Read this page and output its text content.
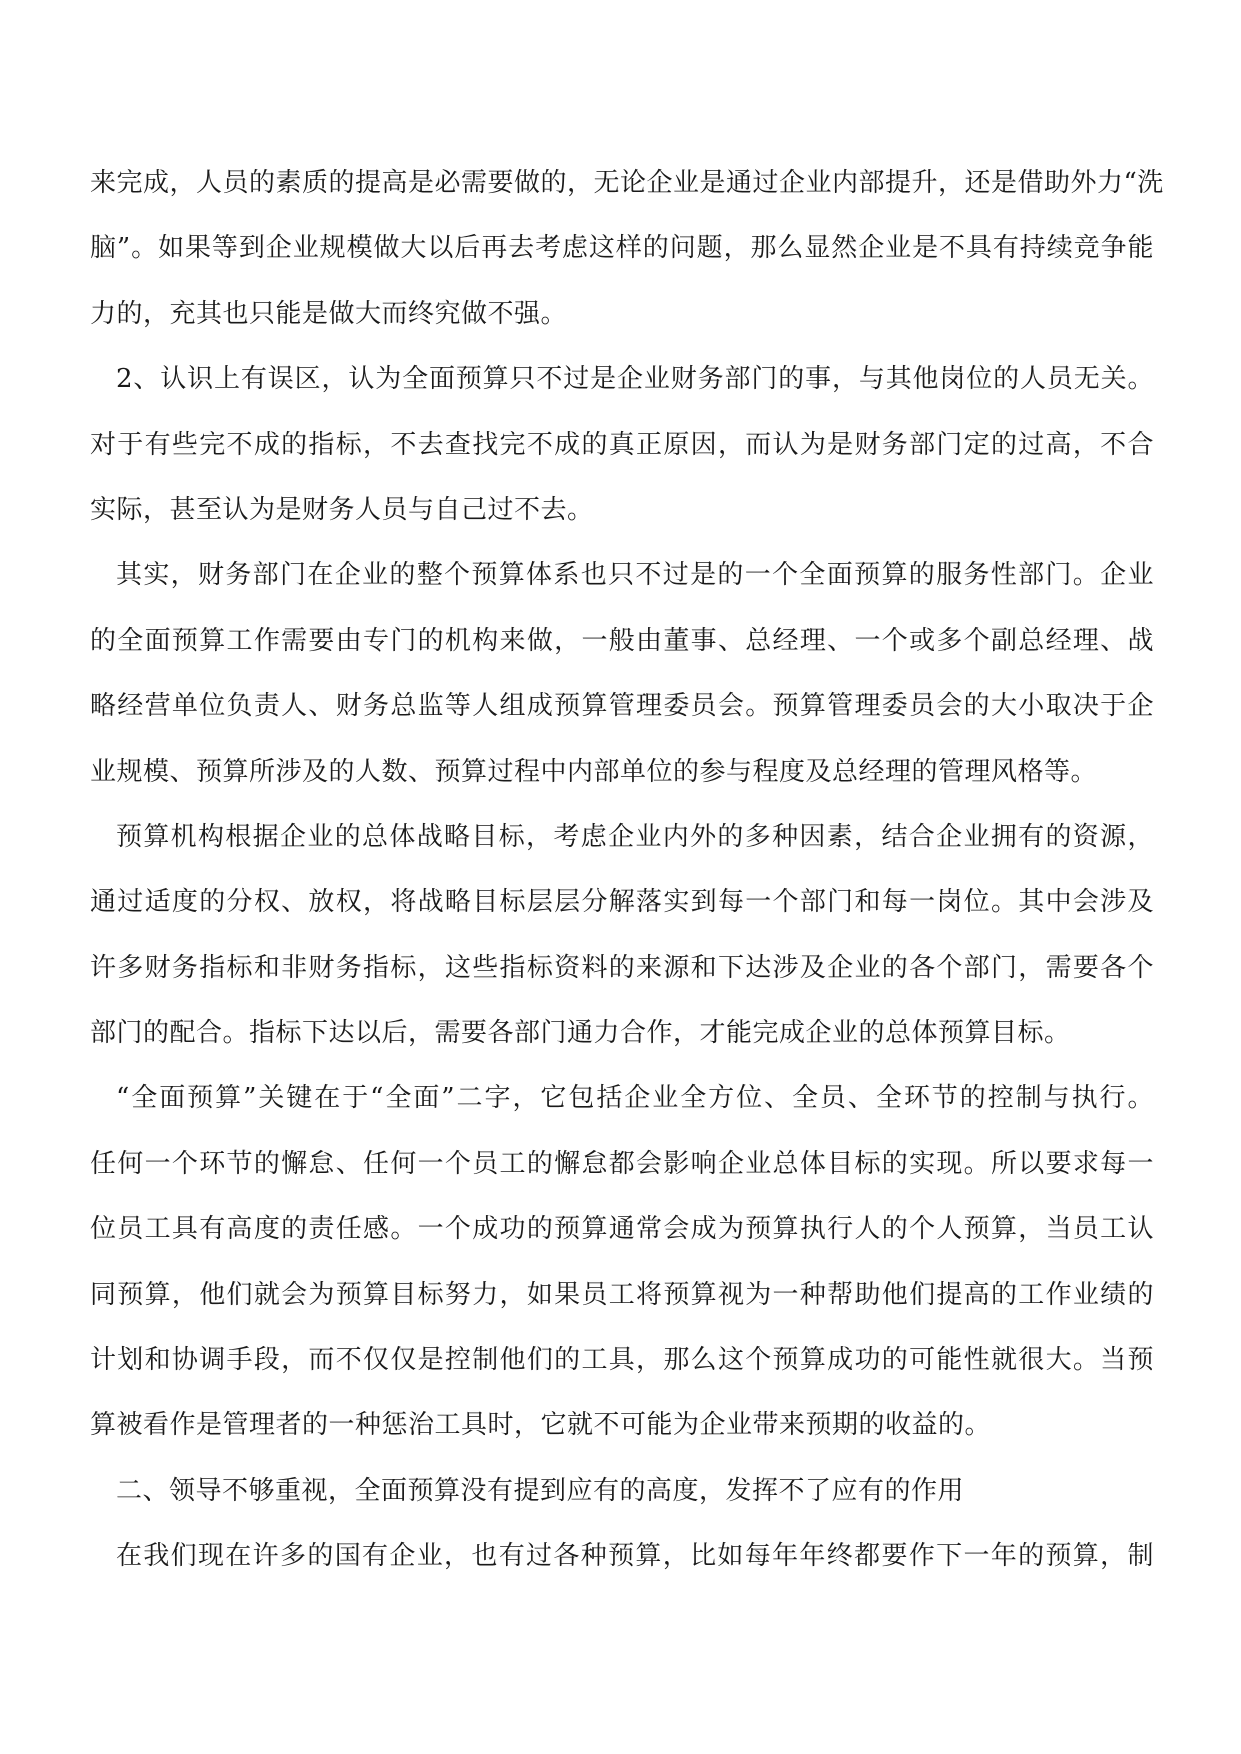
来完成，人员的素质的提高是必需要做的，无论企业是通过企业内部提升，还是借助外力“洗
脑”。如果等到企业规模做大以后再去考虑这样的问题，那么显然企业是不具有持续竞争能
力的，充其也只能是做大而终究做不强。
2、认识上有误区，认为全面预算只不过是企业财务部门的事，与其他岗位的人员无关。
对于有些完不成的指标，不去查找完不成的真正原因，而认为是财务部门定的过高，不合
实际，甚至认为是财务人员与自己过不去。
其实，财务部门在企业的整个预算体系也只不过是的一个全面预算的服务性部门。企业
的全面预算工作需要由专门的机构来做，一般由董事、总经理、一个或多个副总经理、战
略经营单位负责人、财务总监等人组成预算管理委员会。预算管理委员会的大小取决于企
业规模、预算所涉及的人数、预算过程中内部单位的参与程度及总经理的管理风格等。
预算机构根据企业的总体战略目标，考虑企业内外的多种因素，结合企业拥有的资源，
通过适度的分权、放权，将战略目标层层分解落实到每一个部门和每一岗位。其中会涉及
许多财务指标和非财务指标，这些指标资料的来源和下达涉及企业的各个部门，需要各个
部门的配合。指标下达以后，需要各部门通力合作，才能完成企业的总体预算目标。
“全面预算”关键在于“全面”二字，它包括企业全方位、全员、全环节的控制与执行。
任何一个环节的懈怠、任何一个员工的懈怠都会影响企业总体目标的实现。所以要求每一
位员工具有高度的责任感。一个成功的预算通常会成为预算执行人的个人预算，当员工认
同预算，他们就会为预算目标努力，如果员工将预算视为一种帮助他们提高的工作业绩的
计划和协调手段，而不仅仅是控制他们的工具，那么这个预算成功的可能性就很大。当预
算被看作是管理者的一种惩治工具时，它就不可能为企业带来预期的收益的。
二、领导不够重视，全面预算没有提到应有的高度，发挥不了应有的作用
在我们现在许多的国有企业，也有过各种预算，比如每年年终都要作下一年的预算，制
